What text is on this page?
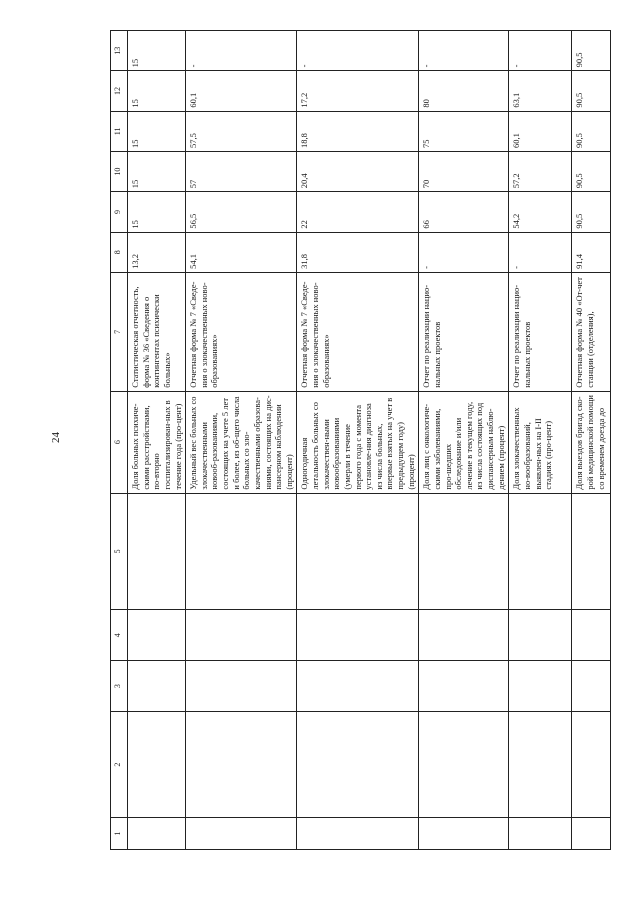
24
1	2	3	4	5	6	7	8	9	10	11	12	13
					Доля больных психиче-скими расстройствами, по-вторно госпитализирован-ных в течение года (про-цент)	Статистическая отчетность, форма № 36 «Сведения о контингентах психически больных»	13,2	15	15	15	15	15
					Удельный вес больных со злокачественными новооб-разованиями, состоящих на учете 5 лет и более, из об-щего числа больных со зло-качественными образова-ниями, состоящих на дис-пансерном наблюдении (процент)	Отчетная форма № 7 «Сведе-ния о злокачественных ново-образованиях»	54,1	56,5	57	57,5	60,1	-
					Одногодичная летальность больных со злокачествен-ными новообразованиями (умерли в течение первого года с момента установле-ния диагноза из числа больных, впервые взятых на учет в предыдущем году) (процент)	Отчетная форма № 7 «Сведе-ния о злокачественных ново-образованиях»	31,8	22	20,4	18,8	17,2	-
					Доля лиц с онкологиче-скими заболеваниями, про-шедших обследование и/или лечение в текущем году, из числа состоящих под диспансерным наблю-дением (процент)	Отчет по реализации нацио-нальных проектов	-	66	70	75	80	-
					Доля злокачественных но-вообразований, выявлен-ных на I-II стадиях (про-цент)	Отчет по реализации нацио-нальных проектов	-	54,2	57,2	60,1	63,1	-
					Доля выездов бригад ско-рой медицинской помощи со временем доезда до	Отчетная форма № 40 «От-чет станции (отделения),	91,4	90,5	90,5	90,5	90,5	90,5
